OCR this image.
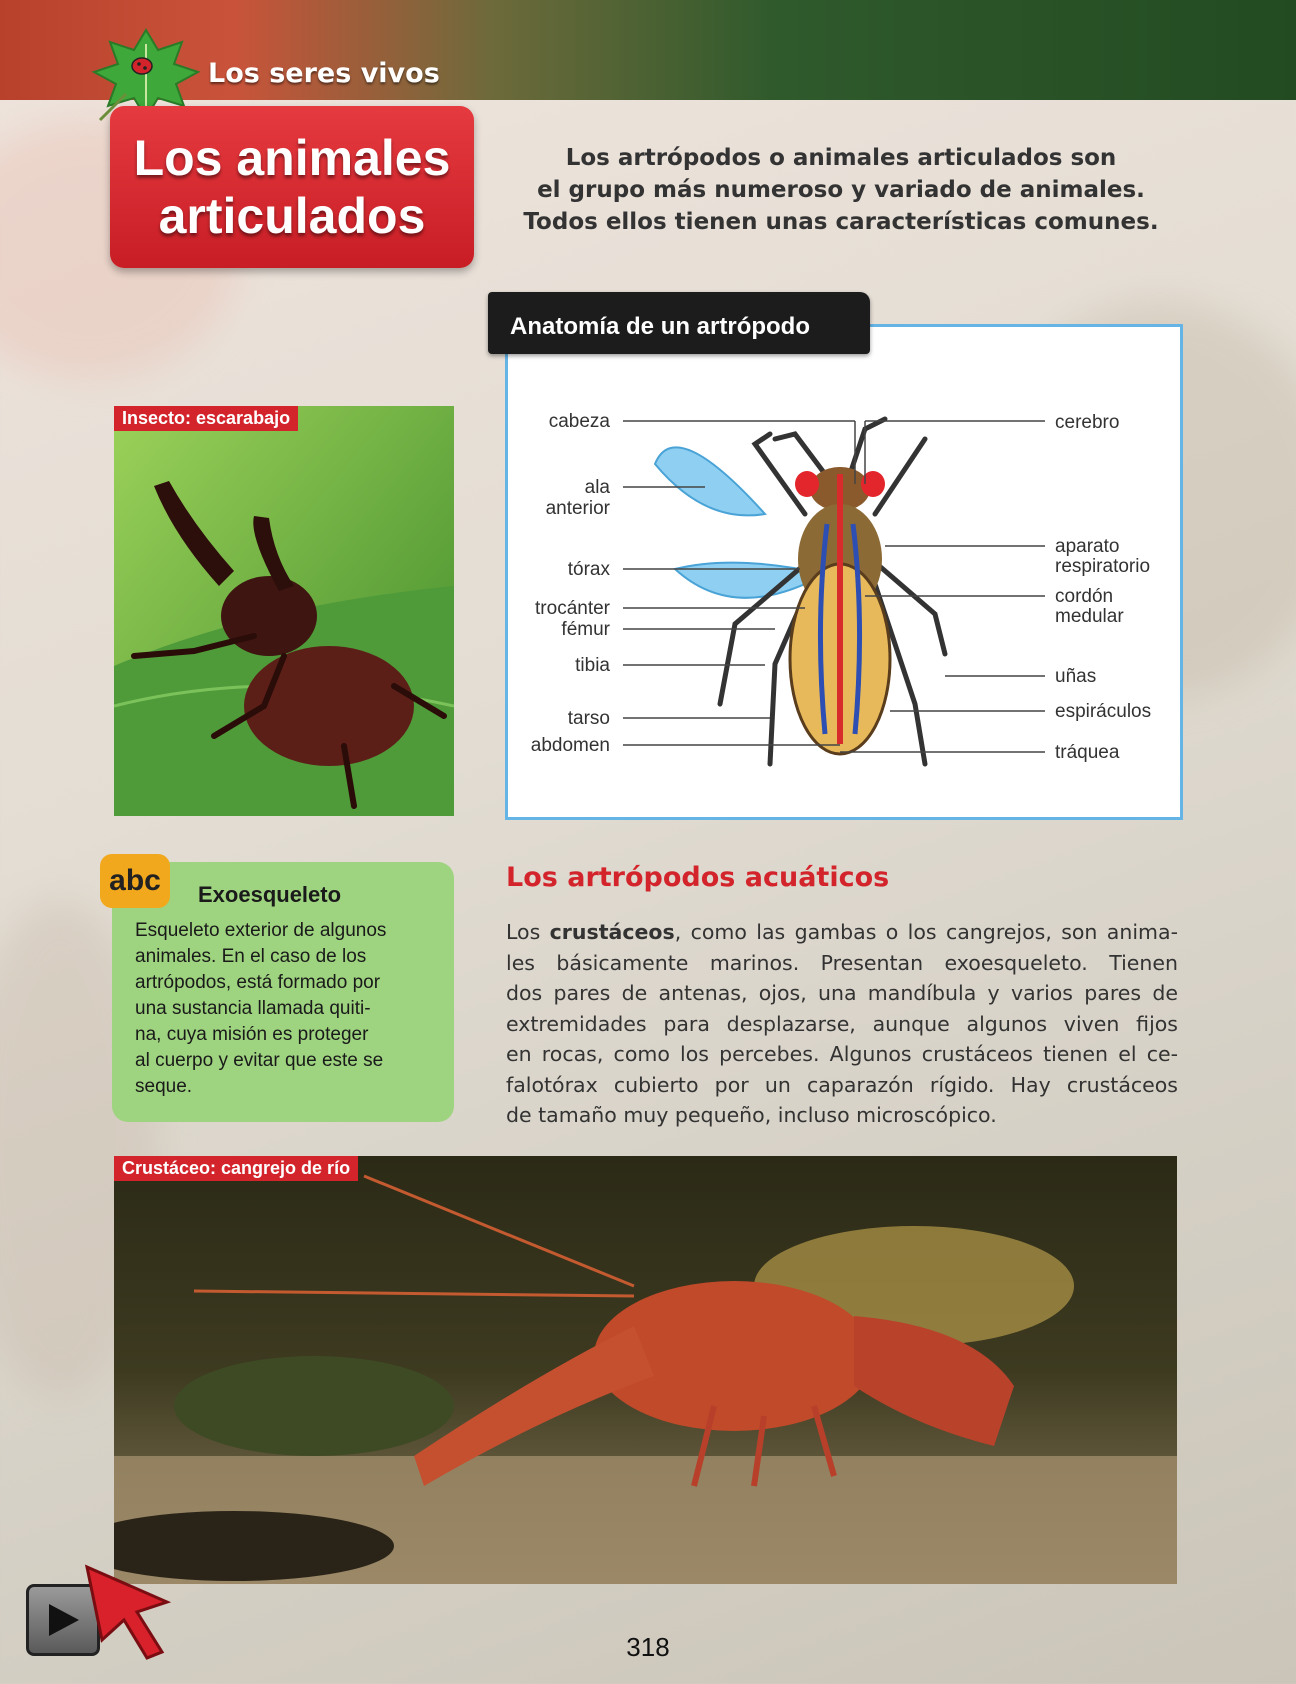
Los seres vivos
Los animales
articulados
Los artrópodos o animales articulados son
el grupo más numeroso y variado de animales.
Todos ellos tienen unas características comunes.
cabeza
ala
anterior
tórax
trocánter
fémur
tibia
tarso
abdomen
cerebro
aparato
respiratorio
cordón
medular
uñas
espiráculos
tráquea
Anatomía de un artrópodo
Insecto: escarabajo
abc	Exoesqueleto
Esqueleto exterior de algunos
animales. En el caso de los
artrópodos, está formado por
una sustancia llamada quiti-
na, cuya misión es proteger
al cuerpo y evitar que este se
seque.
Los artrópodos acuáticos
Los crustáceos, como las gambas o los cangrejos, son anima-
les básicamente marinos. Presentan exoesqueleto. Tienen
dos pares de antenas, ojos, una mandíbula y varios pares de
extremidades para desplazarse, aunque algunos viven fijos
en rocas, como los percebes. Algunos crustáceos tienen el ce-
falotórax cubierto por un caparazón rígido. Hay crustáceos
de tamaño muy pequeño, incluso microscópico.
Crustáceo: cangrejo de río
318
